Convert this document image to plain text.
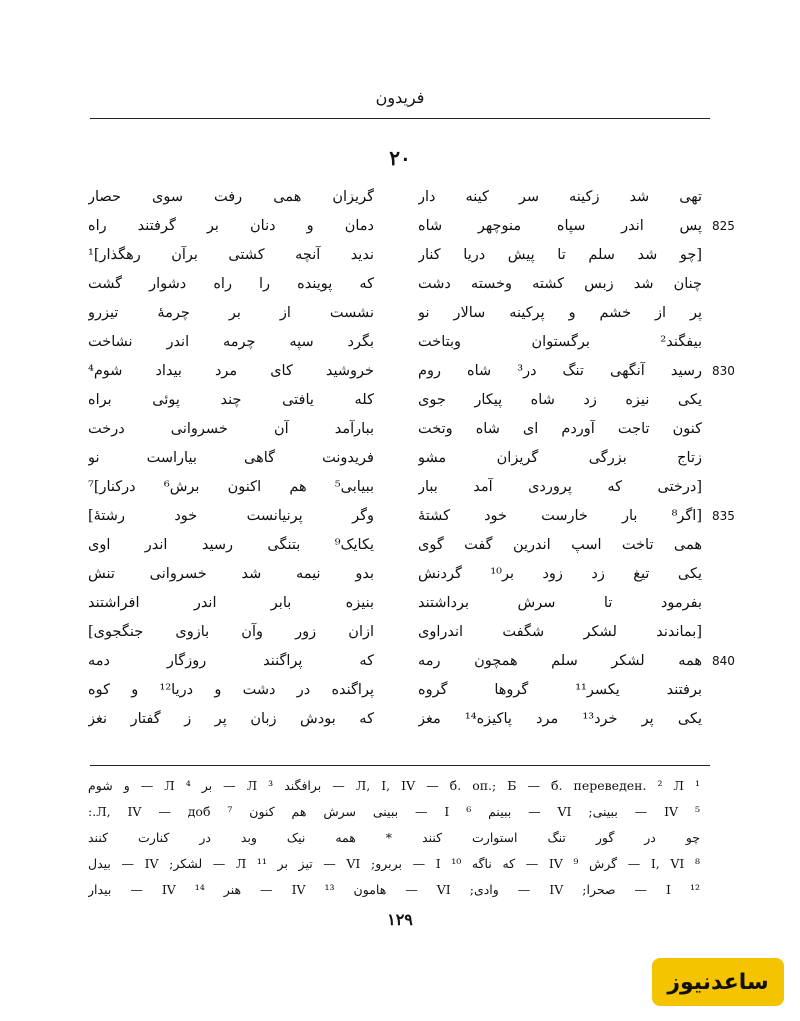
فریدون
۲۰
تهی شد زکینه سر کینه دار
پس اندر سپاه منوچهر شاه
[چو شد سلم تا پیش دریا کنار
چنان شد زبس کشته وخسته دشت
پر از خشم و پرکینه سالار نو
بیفگند² برگستوان وبتاخت
رسید آنگهی تنگ در³ شاه روم
یکی نیزه زد شاه پیکار جوی
کنون تاجت آوردم ای شاه وتخت
زتاج بزرگی گریزان مشو
[درختی که پروردی آمد ببار
[اگر⁸ بار خارست خود کشتۀ
همی تاخت اسپ اندرین گفت گوی
یکی تیغ زد زود بر¹⁰ گردنش
بفرمود تا سرش برداشتند
[بماندند لشکر شگفت اندراوی
همه لشکر سلم همچون رمه
برفتند یکسر¹¹ گروها گروه
یکی پر خرد¹³ مرد پاکیزه¹⁴ مغز
گریزان همی رفت سوی حصار
دمان و دنان بر گرفتند راه
ندید آنچه کشتی برآن رهگذار]¹
که پوینده را راه دشوار گشت
نشست از بر چرمۀ تیزرو
بگرد سپه چرمه اندر نشاخت
خروشید کای مرد بیداد شوم⁴
کله یافتی چند پوئی براه
ببارآمد آن خسروانی درخت
فریدونت گاهی بیاراست نو
ببیابی⁵ هم اکنون برش⁶ درکنار]⁷
وگر پرنیانست خود رشتۀ]
یکایک⁹ بتنگی رسید اندر اوی
بدو نیمه شد خسروانی تنش
بنیزه بابر اندر افراشتند
ازان زور وآن بازوی جنگجوی]
که پراگنند روزگار دمه
پراگنده در دشت و دریا¹² و کوه
که بودش زبان پر ز گفتار نغز
825
830
835
840
¹ Л, I, IV — б. оп.; Б — б. переведен. ² Л — برافگند ³ Л — بر ⁴ Л — و شوم
⁵ IV — ببینی; VI — ببینم ⁶ I — ببینی سرش هم کنون ⁷ Л, IV — доб.:
چو در گور تنگ استوارت کنند * همه نیک وبد در کنارت کنند
⁸ I, VI — گرش ⁹ IV — که ناگه ¹⁰ I — بربرو; VI — تیز بر ¹¹ Л — لشکر; IV — بیدل
¹² I — صحرا; IV — وادی; VI — هامون ¹³ IV — هنر ¹⁴ IV — بیدار
۱۲۹
ساعدنیوز
